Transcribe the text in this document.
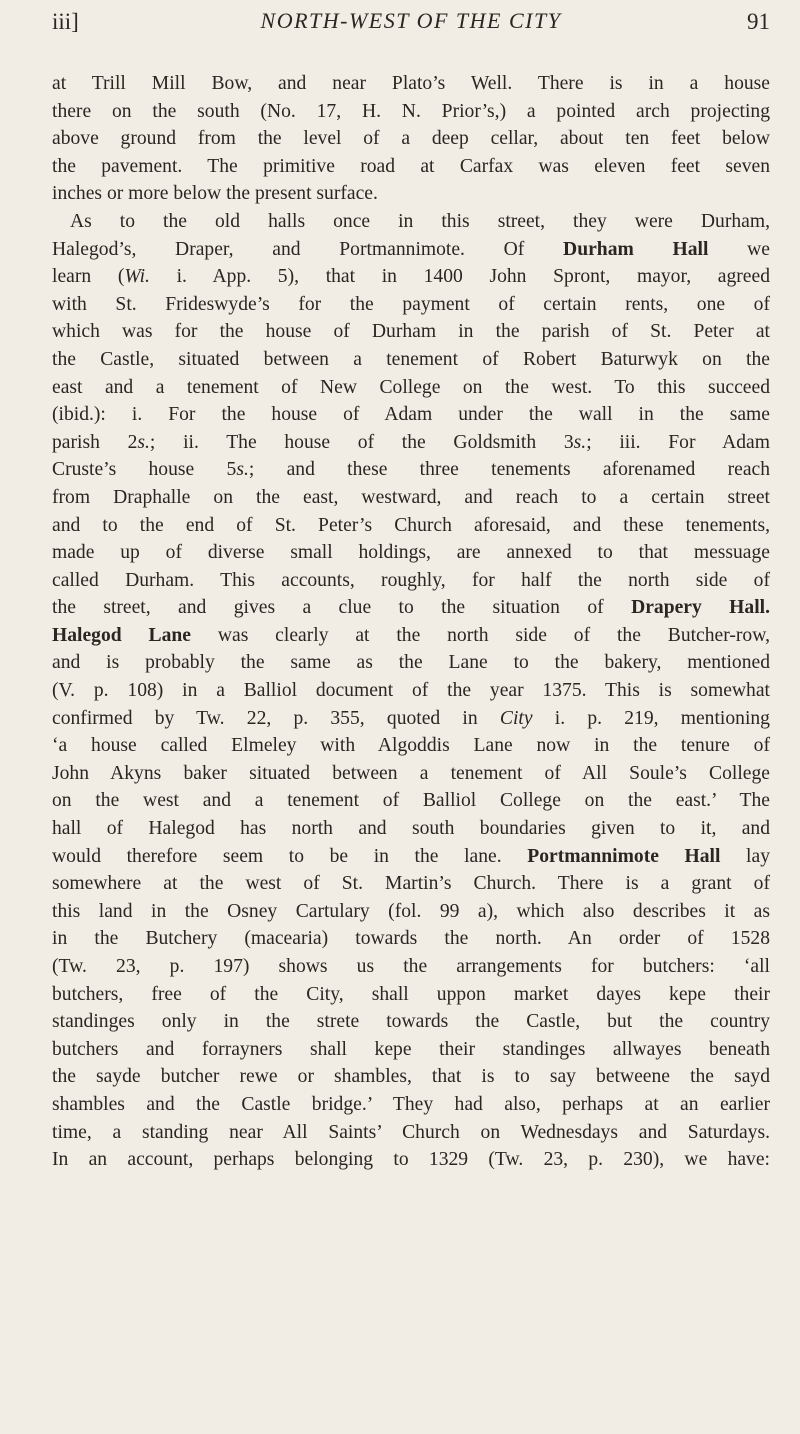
iii]	NORTH-WEST OF THE CITY	91
at Trill Mill Bow, and near Plato’s Well. There is in a house
there on the south (No. 17, H. N. Prior’s,) a pointed arch projecting
above ground from the level of a deep cellar, about ten feet below
the pavement. The primitive road at Carfax was eleven feet seven
inches or more below the present surface.
As to the old halls once in this street, they were Durham,
Halegod’s, Draper, and Portmannimote. Of Durham Hall we
learn (Wi. i. App. 5), that in 1400 John Spront, mayor, agreed
with St. Frideswyde’s for the payment of certain rents, one of
which was for the house of Durham in the parish of St. Peter at
the Castle, situated between a tenement of Robert Baturwyk on the
east and a tenement of New College on the west. To this succeed
(ibid.): i. For the house of Adam under the wall in the same
parish 2s.; ii. The house of the Goldsmith 3s.; iii. For Adam
Cruste’s house 5s.; and these three tenements aforenamed reach
from Draphalle on the east, westward, and reach to a certain street
and to the end of St. Peter’s Church aforesaid, and these tenements,
made up of diverse small holdings, are annexed to that messuage
called Durham. This accounts, roughly, for half the north side of
the street, and gives a clue to the situation of Drapery Hall.
Halegod Lane was clearly at the north side of the Butcher-row,
and is probably the same as the Lane to the bakery, mentioned
(V. p. 108) in a Balliol document of the year 1375. This is somewhat
confirmed by Tw. 22, p. 355, quoted in City i. p. 219, mentioning
‘a house called Elmeley with Algoddis Lane now in the tenure of
John Akyns baker situated between a tenement of All Soule’s College
on the west and a tenement of Balliol College on the east.’ The
hall of Halegod has north and south boundaries given to it, and
would therefore seem to be in the lane. Portmannimote Hall lay
somewhere at the west of St. Martin’s Church. There is a grant of
this land in the Osney Cartulary (fol. 99 a), which also describes it as
in the Butchery (macearia) towards the north. An order of 1528
(Tw. 23, p. 197) shows us the arrangements for butchers: ‘all
butchers, free of the City, shall uppon market dayes kepe their
standinges only in the strete towards the Castle, but the country
butchers and forrayners shall kepe their standinges allwayes beneath
the sayde butcher rewe or shambles, that is to say betweene the sayd
shambles and the Castle bridge.’ They had also, perhaps at an earlier
time, a standing near All Saints’ Church on Wednesdays and Saturdays.
In an account, perhaps belonging to 1329 (Tw. 23, p. 230), we have:
